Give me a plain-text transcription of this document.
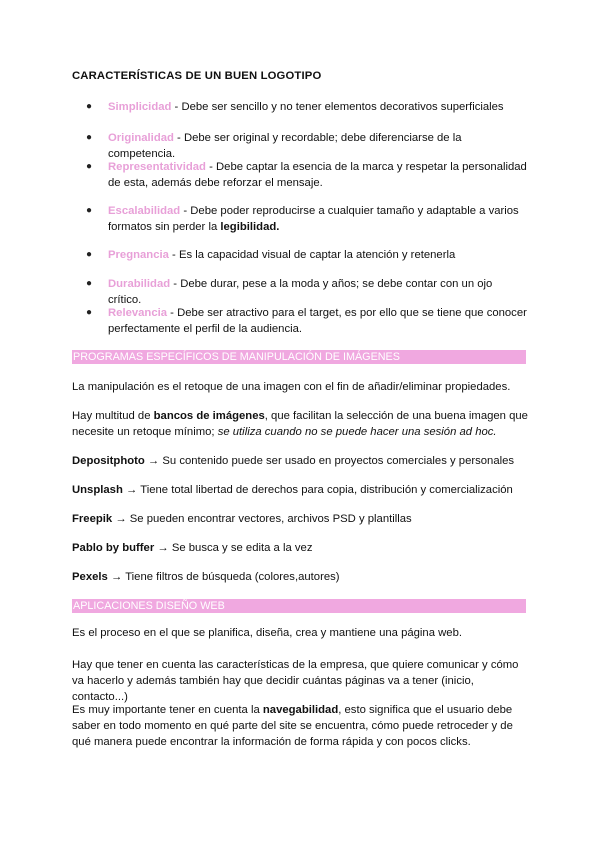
CARACTERÍSTICAS DE UN BUEN LOGOTIPO
● Simplicidad - Debe ser sencillo y no tener elementos decorativos superficiales
● Originalidad - Debe ser original y recordable; debe diferenciarse de la competencia.
● Representatividad - Debe captar la esencia de la marca y respetar la personalidad de esta, además debe reforzar el mensaje.
● Escalabilidad - Debe poder reproducirse a cualquier tamaño y adaptable a varios formatos sin perder la legibilidad.
● Pregnancia - Es la capacidad visual de captar la atención y retenerla
● Durabilidad - Debe durar, pese a la moda y años; se debe contar con un ojo crítico.
● Relevancia - Debe ser atractivo para el target, es por ello que se tiene que conocer perfectamente el perfil de la audiencia.
PROGRAMAS ESPECÍFICOS DE MANIPULACIÓN DE IMÁGENES
La manipulación es el retoque de una imagen con el fin de añadir/eliminar propiedades.
Hay multitud de bancos de imágenes, que facilitan la selección de una buena imagen que necesite un retoque mínimo; se utiliza cuando no se puede hacer una sesión ad hoc.
Depositphoto → Su contenido puede ser usado en proyectos comerciales y personales
Unsplash → Tiene total libertad de derechos para copia, distribución y comercialización
Freepik → Se pueden encontrar vectores, archivos PSD y plantillas
Pablo by buffer → Se busca y se edita a la vez
Pexels → Tiene filtros de búsqueda (colores,autores)
APLICACIONES DISEÑO WEB
Es el proceso en el que se planifica, diseña, crea y mantiene una página web.
Hay que tener en cuenta las características de la empresa, que quiere comunicar y cómo va hacerlo y además también hay que decidir cuántas páginas va a tener (inicio, contacto...)
Es muy importante tener en cuenta la navegabilidad, esto significa que el usuario debe saber en todo momento en qué parte del site se encuentra, cómo puede retroceder y de qué manera puede encontrar la información de forma rápida y con pocos clicks.
